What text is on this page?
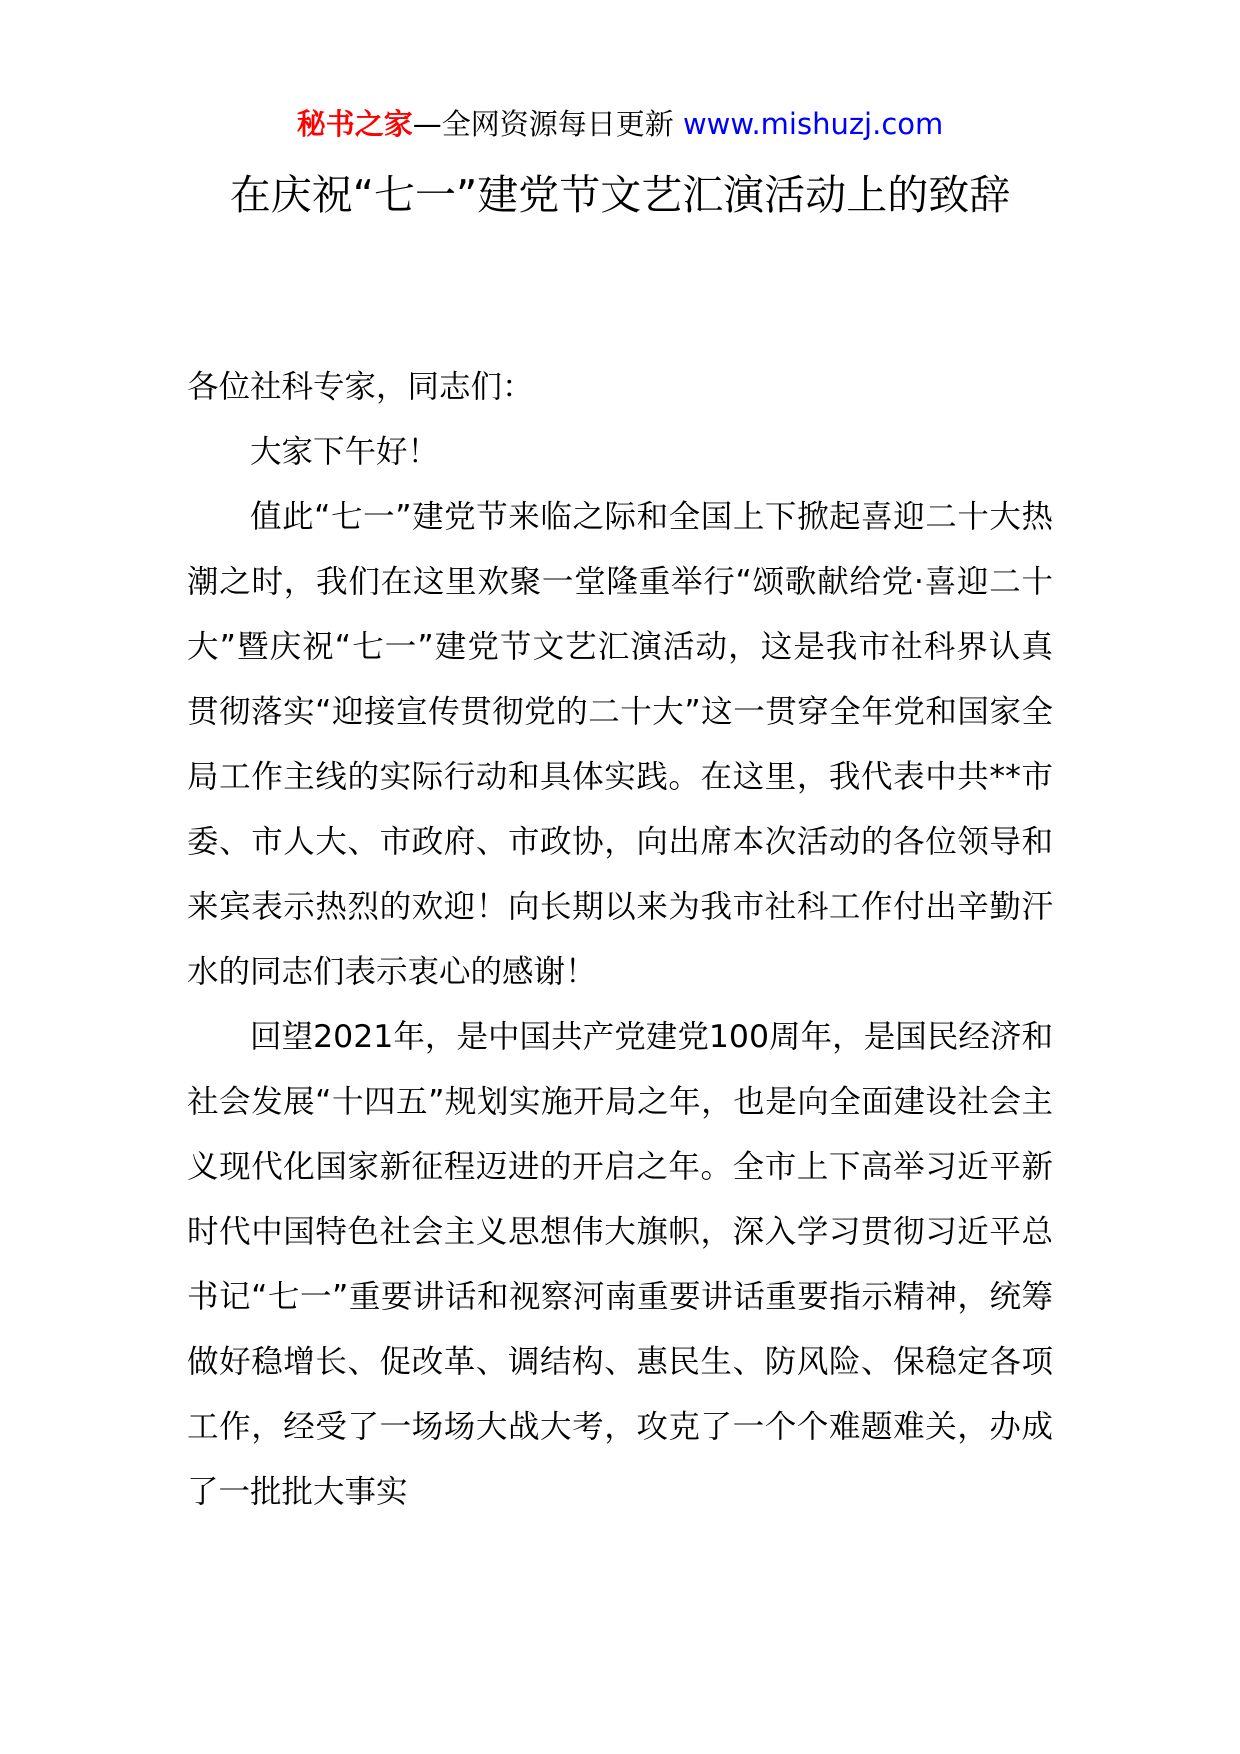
秘书之家—全网资源每日更新 www.mishuzj.com
在庆祝“七一”建党节文艺汇演活动上的致辞

各位社科专家，同志们：

大家下午好！

值此“七一”建党节来临之际和全国上下掀起喜迎二十大热潮之时，我们在这里欢聚一堂隆重举行“颂歌献给党·喜迎二十大”暨庆祝“七一”建党节文艺汇演活动，这是我市社科界认真贯彻落实“迎接宣传贯彻党的二十大”这一贯穿全年党和国家全局工作主线的实际行动和具体实践。在这里，我代表中共**市委、市人大、市政府、市政协，向出席本次活动的各位领导和来宾表示热烈的欢迎！向长期以来为我市社科工作付出辛勤汗水的同志们表示衷心的感谢！

回望2021年，是中国共产党建党100周年，是国民经济和社会发展“十四五”规划实施开局之年，也是向全面建设社会主义现代化国家新征程迈进的开启之年。全市上下高举习近平新时代中国特色社会主义思想伟大旗帜，深入学习贯彻习近平总书记“七一”重要讲话和视察河南重要讲话重要指示精神，统筹做好稳增长、促改革、调结构、惠民生、防风险、保稳定各项工作，经受了一场场大战大考，攻克了一个个难题难关，办成了一批批大事实
